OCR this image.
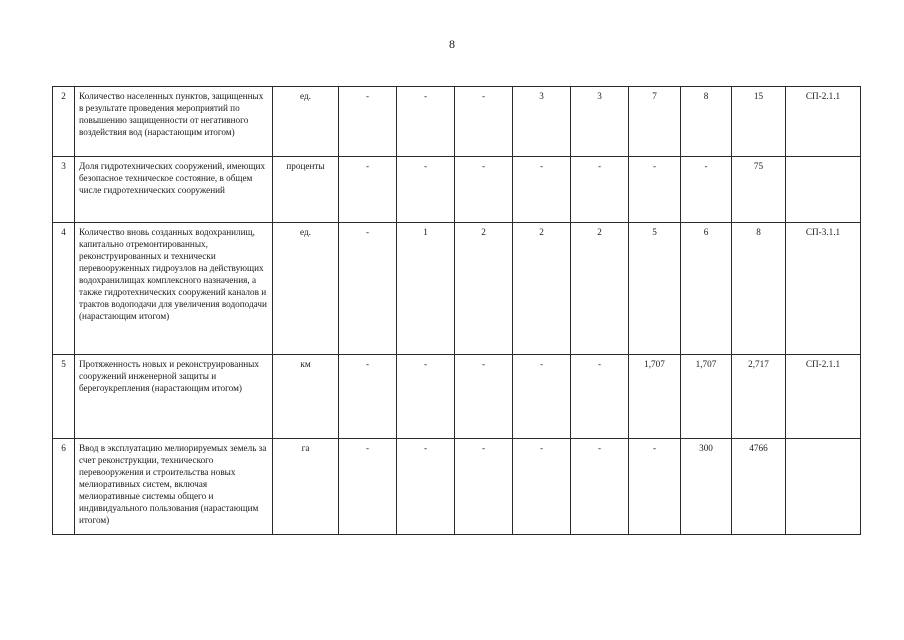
8
2	Количество населенных пунктов, защищенных в результате проведения мероприятий по повышению защищенности от негативного воздействия вод (нарастающим итогом)	ед.	-	-	-	3	3	7	8	15	СП-2.1.1
3	Доля гидротехнических сооружений, имеющих безопасное техническое состояние, в общем числе гидротехнических сооружений	проценты	-	-	-	-	-	-	-	75	
4	Количество вновь созданных водохранилищ, капитально отремонтированных, реконструированных и технически перевооруженных гидроузлов на действующих водохранилищах комплексного назначения, а также гидротехнических сооружений каналов и трактов водоподачи для увеличения водоподачи (нарастающим итогом)	ед.	-	1	2	2	2	5	6	8	СП-3.1.1
5	Протяженность новых и реконструированных сооружений инженерной защиты и берегоукрепления (нарастающим итогом)	км	-	-	-	-	-	1,707	1,707	2,717	СП-2.1.1
6	Ввод в эксплуатацию мелиорируемых земель за счет реконструкции, технического перевооружения и строительства новых мелиоративных систем, включая мелиоративные системы общего и индивидуального пользования (нарастающим итогом)	га	-	-	-	-	-	-	300	4766	
